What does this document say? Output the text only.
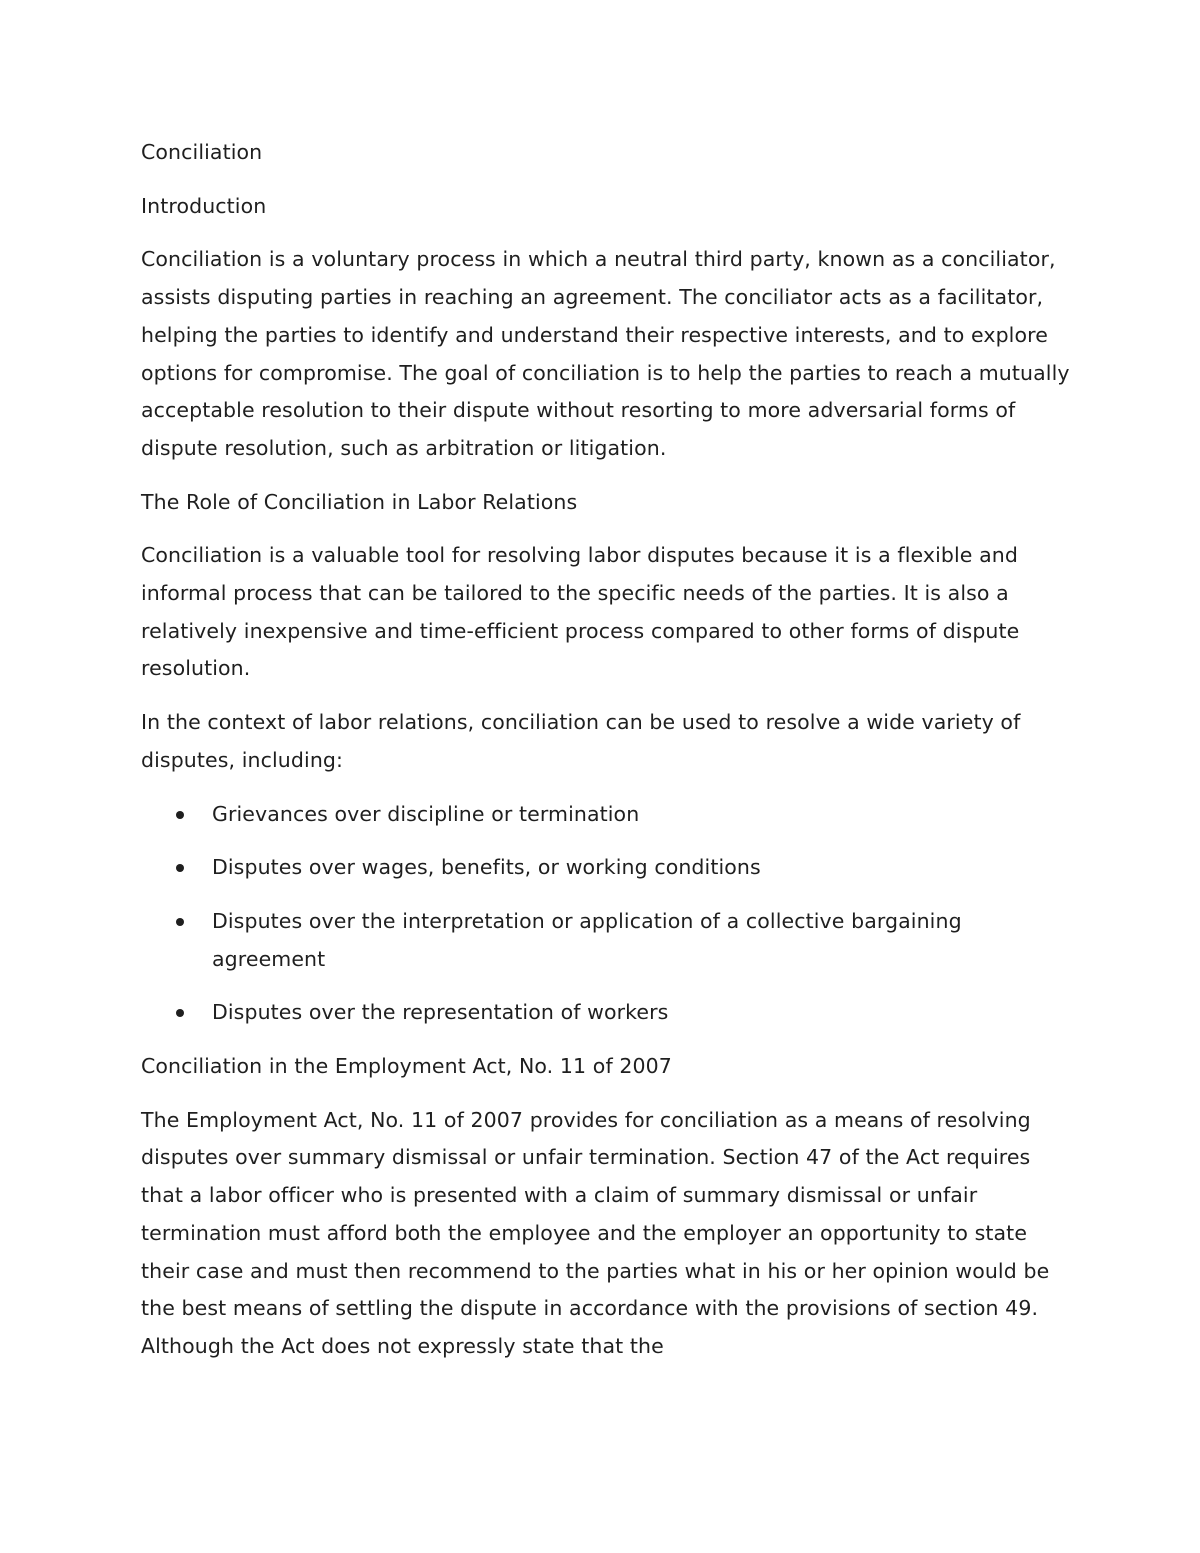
Conciliation

Introduction

Conciliation is a voluntary process in which a neutral third party, known as a conciliator, assists disputing parties in reaching an agreement. The conciliator acts as a facilitator, helping the parties to identify and understand their respective interests, and to explore options for compromise. The goal of conciliation is to help the parties to reach a mutually acceptable resolution to their dispute without resorting to more adversarial forms of dispute resolution, such as arbitration or litigation.

The Role of Conciliation in Labor Relations

Conciliation is a valuable tool for resolving labor disputes because it is a flexible and informal process that can be tailored to the specific needs of the parties. It is also a relatively inexpensive and time-efficient process compared to other forms of dispute resolution.

In the context of labor relations, conciliation can be used to resolve a wide variety of disputes, including:

Grievances over discipline or termination
Disputes over wages, benefits, or working conditions
Disputes over the interpretation or application of a collective bargaining agreement
Disputes over the representation of workers

Conciliation in the Employment Act, No. 11 of 2007

The Employment Act, No. 11 of 2007 provides for conciliation as a means of resolving disputes over summary dismissal or unfair termination. Section 47 of the Act requires that a labor officer who is presented with a claim of summary dismissal or unfair termination must afford both the employee and the employer an opportunity to state their case and must then recommend to the parties what in his or her opinion would be the best means of settling the dispute in accordance with the provisions of section 49. Although the Act does not expressly state that the
